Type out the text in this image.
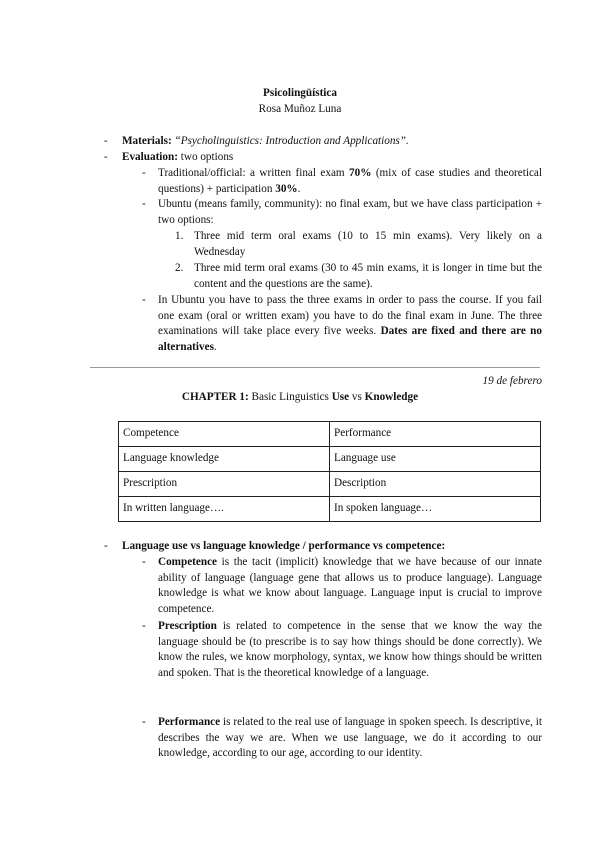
Psicolingüística
Rosa Muñoz Luna
- Materials: “Psycholinguistics: Introduction and Applications”.
- Evaluation: two options
- Traditional/official: a written final exam 70% (mix of case studies and theoretical questions) + participation 30%.
- Ubuntu (means family, community): no final exam, but we have class participation + two options:
1. Three mid term oral exams (10 to 15 min exams). Very likely on a Wednesday
2. Three mid term oral exams (30 to 45 min exams, it is longer in time but the content and the questions are the same).
- In Ubuntu you have to pass the three exams in order to pass the course. If you fail one exam (oral or written exam) you have to do the final exam in June. The three examinations will take place every five weeks. Dates are fixed and there are no alternatives.
19 de febrero
CHAPTER 1: Basic Linguistics Use vs Knowledge
Competence	Performance
Language knowledge	Language use
Prescription	Description
In written language….	In spoken language…
- Language use vs language knowledge / performance vs competence:
- Competence is the tacit (implicit) knowledge that we have because of our innate ability of language (language gene that allows us to produce language). Language knowledge is what we know about language. Language input is crucial to improve competence.
- Prescription is related to competence in the sense that we know the way the language should be (to prescribe is to say how things should be done correctly). We know the rules, we know morphology, syntax, we know how things should be written and spoken. That is the theoretical knowledge of a language.
- Performance is related to the real use of language in spoken speech. Is descriptive, it describes the way we are. When we use language, we do it according to our knowledge, according to our age, according to our identity.
